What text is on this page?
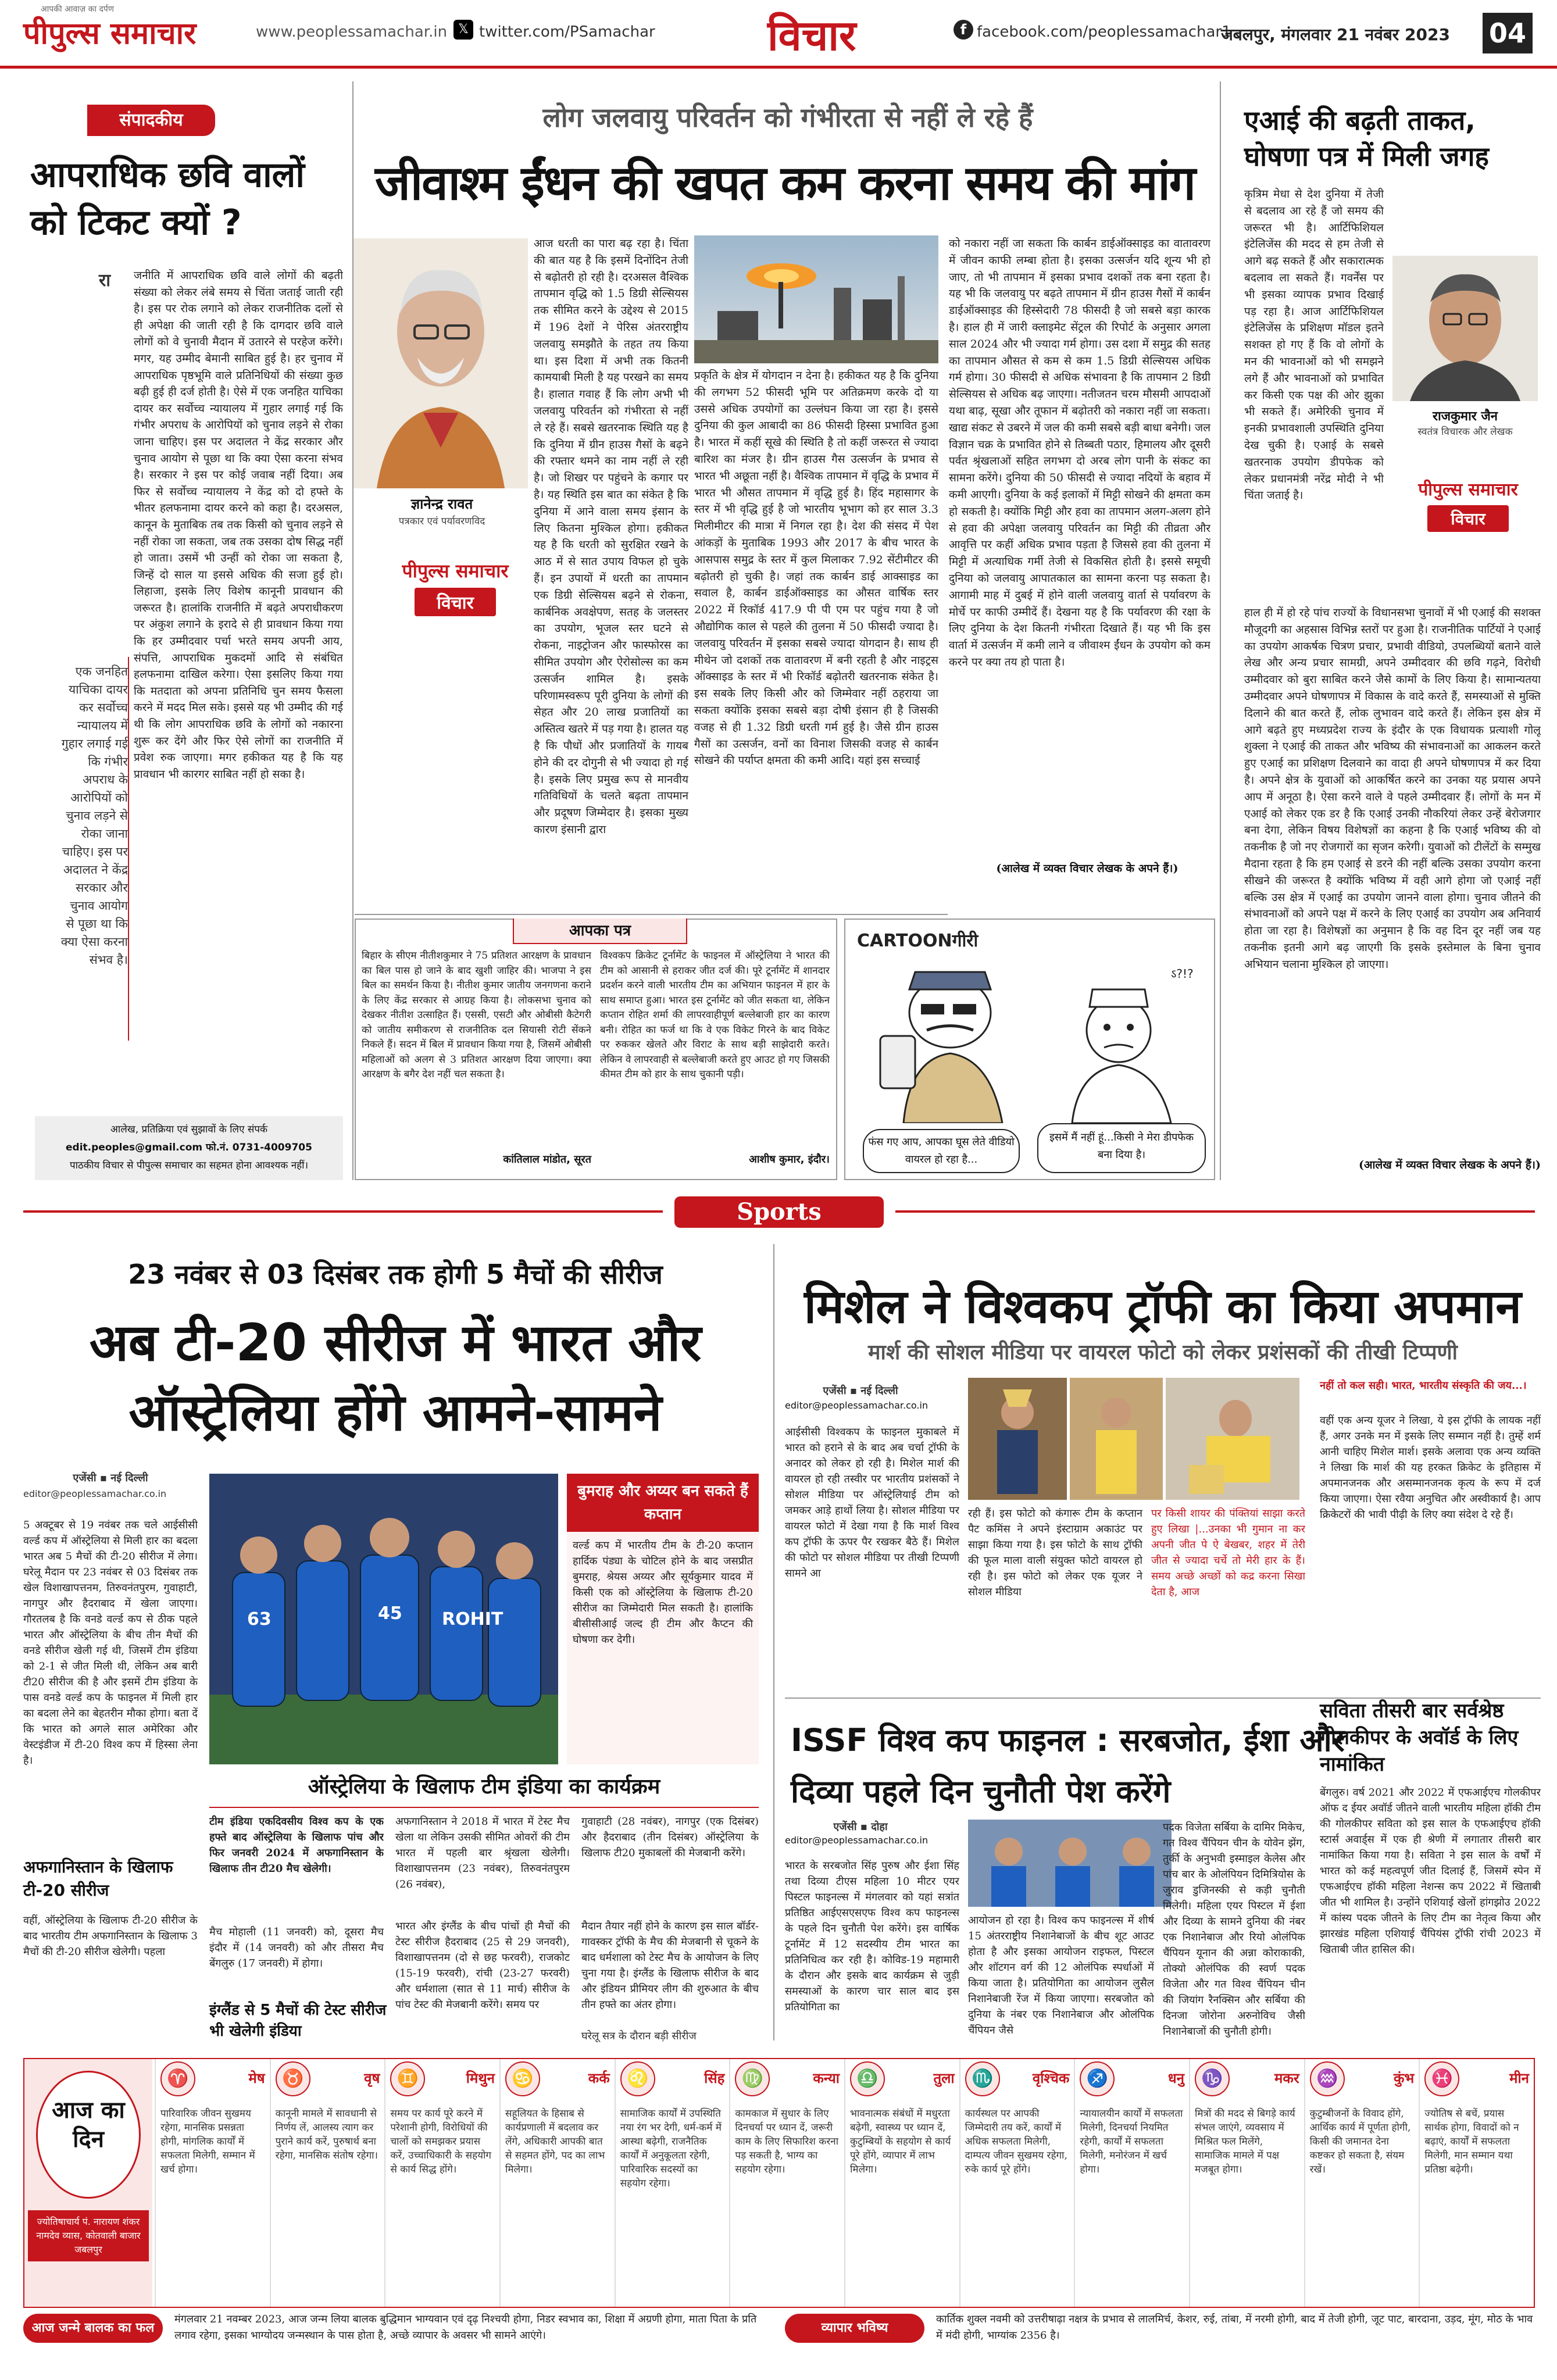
पीपुल्स समाचार
आपकी आवाज़ का दर्पण
www.peoplessamachar.in 𝕏 twitter.com/PSamachar	विचार	f facebook.com/peoplessamachar1
जबलपुर, मंगलवार 21 नवंबर 2023 04
संपादकीय
आपराधिक छवि वालों को टिकट क्यों ?
रा जनीति में आपराधिक छवि वाले लोगों की बढ़ती संख्या को लेकर लंबे समय से चिंता जताई जाती रही है। इस पर रोक लगाने को लेकर राजनीतिक दलों से ही अपेक्षा की जाती रही है कि दागदार छवि वाले लोगों को वे चुनावी मैदान में उतारने से परहेज करेंगे। मगर, यह उम्मीद बेमानी साबित हुई है। हर चुनाव में आपराधिक पृष्ठभूमि वाले प्रतिनिधियों की संख्या कुछ बढ़ी हुई ही दर्ज होती है। ऐसे में एक जनहित याचिका दायर कर सर्वोच्च न्यायालय में गुहार लगाई गई कि गंभीर अपराध के आरोपियों को चुनाव लड़ने से रोका जाना चाहिए। इस पर अदालत ने केंद्र सरकार और चुनाव आयोग से पूछा था कि क्या ऐसा करना संभव है। सरकार ने इस पर कोई जवाब नहीं दिया। अब फिर से सर्वोच्च न्यायालय ने केंद्र को दो हफ्ते के भीतर हलफनामा दायर करने को कहा है। दरअसल, कानून के मुताबिक तब तक किसी को चुनाव लड़ने से नहीं रोका जा सकता, जब तक उसका दोष सिद्ध नहीं हो जाता। उसमें भी उन्हीं को रोका जा सकता है, जिन्हें दो साल या इससे अधिक की सजा हुई हो। लिहाजा, इसके लिए विशेष कानूनी प्रावधान की जरूरत है। हालांकि राजनीति में बढ़ते अपराधीकरण पर अंकुश लगाने के इरादे से ही प्रावधान किया गया कि हर उम्मीदवार पर्चा भरते समय अपनी आय, संपत्ति, आपराधिक मुकदमों आदि से संबंधित हलफनामा दाखिल करेगा। ऐसा इसलिए किया गया कि मतदाता को अपना प्रतिनिधि चुन समय फैसला करने में मदद मिल सके। इससे यह भी उम्मीद की गई थी कि लोग आपराधिक छवि के लोगों को नकारना शुरू कर देंगे और फिर ऐसे लोगों का राजनीति में प्रवेश रुक जाएगा। मगर हकीकत यह है कि यह प्रावधान भी कारगर साबित नहीं हो सका है।
एक जनहित याचिका दायर कर सर्वोच्च न्यायालय में गुहार लगाई गई कि गंभीर अपराध के आरोपियों को चुनाव लड़ने से रोका जाना चाहिए। इस पर अदालत ने केंद्र सरकार और चुनाव आयोग से पूछा था कि क्या ऐसा करना संभव है।
आलेख, प्रतिक्रिया एवं सुझावों के लिए संपर्क
edit.peoples@gmail.com फो.नं. 0731-4009705
पाठकीय विचार से पीपुल्स समाचार का सहमत होना आवश्यक नहीं।
लोग जलवायु परिवर्तन को गंभीरता से नहीं ले रहे हैं
जीवाश्म ईंधन की खपत कम करना समय की मांग
ज्ञानेन्द्र रावत
पत्रकार एवं पर्यावरणविद
आज धरती का पारा बढ़ रहा है। चिंता की बात यह है कि इसमें दिनोंदिन तेजी से बढ़ोतरी हो रही है। दरअसल वैश्विक तापमान वृद्धि को 1.5 डिग्री सेल्सियस तक सीमित करने के उद्देश्य से 2015 में 196 देशों ने पेरिस अंतरराष्ट्रीय जलवायु समझौते के तहत तय किया था। इस दिशा में अभी तक कितनी कामयाबी मिली है यह परखने का समय है। हालात गवाह हैं कि लोग अभी भी जलवायु परिवर्तन को गंभीरता से नहीं ले रहे हैं। सबसे खतरनाक स्थिति यह है कि दुनिया में ग्रीन हाउस गैसों के बढ़ने की रफ्तार थमने का नाम नहीं ले रही है। जो शिखर पर पहुंचने के कगार पर है। यह स्थिति इस बात का संकेत है कि दुनिया में आने वाला समय इंसान के लिए कितना मुश्किल होगा। हकीकत यह है कि धरती को सुरक्षित रखने के आठ में से सात उपाय विफल हो चुके हैं। इन उपायों में धरती का तापमान एक डिग्री सेल्सियस बढ़ने से रोकना, कार्बनिक अवक्षेपण, सतह के जलस्तर का उपयोग, भूजल स्तर घटने से रोकना, नाइट्रोजन और फास्फोरस का सीमित उपयोग और ऐरोसोल्स का कम उत्सर्जन शामिल है। इसके परिणामस्वरूप पूरी दुनिया के लोगों की सेहत और 20 लाख प्रजातियों का अस्तित्व खतरे में पड़ गया है। हालत यह है कि पौधों और प्रजातियों के गायब होने की दर दोगुनी से भी ज्यादा हो गई है। इसके लिए प्रमुख रूप से मानवीय गतिविधियों के चलते बढ़ता तापमान और प्रदूषण जिम्मेदार है। इसका मुख्य कारण इंसानी द्वारा
पीपुल्स समाचार
विचार
प्रकृति के क्षेत्र में योगदान न देना है। हकीकत यह है कि दुनिया की लगभग 52 फीसदी भूमि पर अतिक्रमण करके दो या उससे अधिक उपयोगों का उल्लंघन किया जा रहा है। इससे दुनिया की कुल आबादी का 86 फीसदी हिस्सा प्रभावित हुआ है। भारत में कहीं सूखे की स्थिति है तो कहीं जरूरत से ज्यादा बारिश का मंजर है। ग्रीन हाउस गैस उत्सर्जन के प्रभाव से भारत भी अछूता नहीं है। वैश्विक तापमान में वृद्धि के प्रभाव में भारत भी औसत तापमान में वृद्धि हुई है। हिंद महासागर के स्तर में भी वृद्धि हुई है जो भारतीय भूभाग को हर साल 3.3 मिलीमीटर की मात्रा में निगल रहा है। देश की संसद में पेश आंकड़ों के मुताबिक 1993 और 2017 के बीच भारत के आसपास समुद्र के स्तर में कुल मिलाकर 7.92 सेंटीमीटर की बढ़ोतरी हो चुकी है। जहां तक कार्बन डाई आक्साइड का सवाल है, कार्बन डाईऑक्साइड का औसत वार्षिक स्तर 2022 में रिकॉर्ड 417.9 पी पी एम पर पहुंच गया है जो औद्योगिक काल से पहले की तुलना में 50 फीसदी ज्यादा है। जलवायु परिवर्तन में इसका सबसे ज्यादा योगदान है। साथ ही मीथेन जो दशकों तक वातावरण में बनी रहती है और नाइट्रस ऑक्साइड के स्तर में भी रिकॉर्ड बढ़ोतरी खतरनाक संकेत है। इस सबके लिए किसी और को जिम्मेवार नहीं ठहराया जा सकता क्योंकि इसका सबसे बड़ा दोषी इंसान ही है जिसकी वजह से ही 1.32 डिग्री धरती गर्म हुई है। जैसे ग्रीन हाउस गैसों का उत्सर्जन, वनों का विनाश जिसकी वजह से कार्बन सोखने की पर्याप्त क्षमता की कमी आदि। यहां इस सच्चाई
को नकारा नहीं जा सकता कि कार्बन डाईऑक्साइड का वातावरण में जीवन काफी लम्बा होता है। इसका उत्सर्जन यदि शून्य भी हो जाए, तो भी तापमान में इसका प्रभाव दशकों तक बना रहता है। यह भी कि जलवायु पर बढ़ते तापमान में ग्रीन हाउस गैसों में कार्बन डाईऑक्साइड की हिस्सेदारी 78 फीसदी है जो सबसे बड़ा कारक है। हाल ही में जारी क्लाइमेट सेंट्रल की रिपोर्ट के अनुसार अगला साल 2024 और भी ज्यादा गर्म होगा। उस दशा में समुद्र की सतह का तापमान औसत से कम से कम 1.5 डिग्री सेल्सियस अधिक गर्म होगा। 30 फीसदी से अधिक संभावना है कि तापमान 2 डिग्री सेल्सियस से अधिक बढ़ जाएगा। नतीजतन चरम मौसमी आपदाओं यथा बाढ़, सूखा और तूफान में बढ़ोतरी को नकारा नहीं जा सकता। खाद्य संकट से उबरने में जल की कमी सबसे बड़ी बाधा बनेगी। जल विज्ञान चक्र के प्रभावित होने से तिब्बती पठार, हिमालय और दूसरी पर्वत श्रृंखलाओं सहित लगभग दो अरब लोग पानी के संकट का सामना करेंगे। दुनिया की 50 फीसदी से ज्यादा नदियों के बहाव में कमी आएगी। दुनिया के कई इलाकों में मिट्टी सोखने की क्षमता कम हो सकती है। क्योंकि मिट्टी और हवा का तापमान अलग-अलग होने से हवा की अपेक्षा जलवायु परिवर्तन का मिट्टी की तीव्रता और आवृत्ति पर कहीं अधिक प्रभाव पड़ता है जिससे हवा की तुलना में मिट्टी में अत्याधिक गर्मी तेजी से विकसित होती है। इससे समूची दुनिया को जलवायु आपातकाल का सामना करना पड़ सकता है। आगामी माह में दुबई में होने वाली जलवायु वार्ता से पर्यावरण के मोर्चे पर काफी उम्मीदें हैं। देखना यह है कि पर्यावरण की रक्षा के लिए दुनिया के देश कितनी गंभीरता दिखाते हैं। यह भी कि इस वार्ता में उत्सर्जन में कमी लाने व जीवाश्म ईंधन के उपयोग को कम करने पर क्या तय हो पाता है।
(आलेख में व्यक्त विचार लेखक के अपने हैं।)
एआई की बढ़ती ताकत, घोषणा पत्र में मिली जगह
कृत्रिम मेधा से देश दुनिया में तेजी से बदलाव आ रहे हैं जो समय की जरूरत भी है। आर्टिफिशियल इंटेलिजेंस की मदद से हम तेजी से आगे बढ़ सकते हैं और सकारात्मक बदलाव ला सकते हैं। गवर्नेंस पर भी इसका व्यापक प्रभाव दिखाई पड़ रहा है। आज आर्टिफिशियल इंटेलिजेंस के प्रशिक्षण मॉडल इतने सशक्त हो गए हैं कि वो लोगों के मन की भावनाओं को भी समझने लगे हैं और भावनाओं को प्रभावित कर किसी एक पक्ष की ओर झुका भी सकते हैं। अमेरिकी चुनाव में इनकी प्रभावशाली उपस्थिति दुनिया देख चुकी है। एआई के सबसे खतरनाक उपयोग डीपफेक को लेकर प्रधानमंत्री नरेंद्र मोदी ने भी चिंता जताई है।
राजकुमार जैन
स्वतंत्र विचारक और लेखक
पीपुल्स समाचार
विचार
हाल ही में हो रहे पांच राज्यों के विधानसभा चुनावों में भी एआई की सशक्त मौजूदगी का अहसास विभिन्न स्तरों पर हुआ है। राजनीतिक पार्टियों ने एआई का उपयोग आकर्षक चित्रण प्रचार, प्रभावी वीडियो, उपलब्धियों बताने वाले लेख और अन्य प्रचार सामग्री, अपने उम्मीदवार की छवि गढ़ने, विरोधी उम्मीदवार को बुरा साबित करने जैसे कामों के लिए किया है। सामान्यतया उम्मीदवार अपने घोषणापत्र में विकास के वादे करते हैं, समस्याओं से मुक्ति दिलाने की बात करते हैं, लोक लुभावन वादे करते हैं। लेकिन इस क्षेत्र में आगे बढ़ते हुए मध्यप्रदेश राज्य के इंदौर के एक विधायक प्रत्याशी गोलू शुक्ला ने एआई की ताकत और भविष्य की संभावनाओं का आकलन करते हुए एआई का प्रशिक्षण दिलवाने का वादा ही अपने घोषणापत्र में कर दिया है। अपने क्षेत्र के युवाओं को आकर्षित करने का उनका यह प्रयास अपने आप में अनूठा है। ऐसा करने वाले वे पहले उम्मीदवार हैं। लोगों के मन में एआई को लेकर एक डर है कि एआई उनकी नौकरियां लेकर उन्हें बेरोजगार बना देगा, लेकिन विषय विशेषज्ञों का कहना है कि एआई भविष्य की वो तकनीक है जो नए रोजगारों का सृजन करेगी। युवाओं को टीलेंटों के सम्मुख मैदाना रहता है कि हम एआई से डरने की नहीं बल्कि उसका उपयोग करना सीखने की जरूरत है क्योंकि भविष्य में वही आगे होगा जो एआई नहीं बल्कि उस क्षेत्र में एआई का उपयोग जानने वाला होगा। चुनाव जीतने की संभावनाओं को अपने पक्ष में करने के लिए एआई का उपयोग अब अनिवार्य होता जा रहा है। विशेषज्ञों का अनुमान है कि वह दिन दूर नहीं जब यह तकनीक इतनी आगे बढ़ जाएगी कि इसके इस्तेमाल के बिना चुनाव अभियान चलाना मुश्किल हो जाएगा।
(आलेख में व्यक्त विचार लेखक के अपने हैं।)
आपका पत्र
बिहार के सीएम नीतीशकुमार ने 75 प्रतिशत आरक्षण के प्रावधान का बिल पास हो जाने के बाद खुशी जाहिर की। भाजपा ने इस बिल का समर्थन किया है। नीतीश कुमार जातीय जनगणना कराने के लिए केंद्र सरकार से आग्रह किया है। लोकसभा चुनाव को देखकर नीतीश उत्साहित हैं। एससी, एसटी और ओबीसी कैटेगरी को जातीय समीकरण से राजनीतिक दल सियासी रोटी सेंकने निकले हैं। सदन में बिल में प्रावधान किया गया है, जिसमें ओबीसी महिलाओं को अलग से 3 प्रतिशत आरक्षण दिया जाएगा। क्या आरक्षण के बगैर देश नहीं चल सकता है।
कांतिलाल मांडोत, सूरत
विश्वकप क्रिकेट टूर्नामेंट के फाइनल में ऑस्ट्रेलिया ने भारत की टीम को आसानी से हराकर जीत दर्ज की। पूरे टूर्नामेंट में शानदार प्रदर्शन करने वाली भारतीय टीम का अभियान फाइनल में हार के साथ समाप्त हुआ। भारत इस टूर्नामेंट को जीत सकता था, लेकिन कप्तान रोहित शर्मा की लापरवाहीपूर्ण बल्लेबाजी हार का कारण बनी। रोहित का फर्ज था कि वे एक विकेट गिरने के बाद विकेट पर रुककर खेलते और विराट के साथ बड़ी साझेदारी करते। लेकिन वे लापरवाही से बल्लेबाजी करते हुए आउट हो गए जिसकी कीमत टीम को हार के साथ चुकानी पड़ी।
आशीष कुमार, इंदौर।
CARTOONगीरी
ऽ?!?
फंस गए आप, आपका घूस लेते वीडियो वायरल हो रहा है...
इसमें मैं नहीं हूं...किसी ने मेरा डीपफेक बना दिया है।
Sports
23 नवंबर से 03 दिसंबर तक होगी 5 मैचों की सीरीज
अब टी-20 सीरीज में भारत और ऑस्ट्रेलिया होंगे आमने-सामने
एजेंसी ▪ नई दिल्ली
editor@peoplessamachar.co.in
5 अक्टूबर से 19 नवंबर तक चले आईसीसी वर्ल्ड कप में ऑस्ट्रेलिया से मिली हार का बदला भारत अब 5 मैचों की टी-20 सीरीज में लेगा। घरेलू मैदान पर 23 नवंबर से 03 दिसंबर तक खेल विशाखापत्तनम, तिरुवनंतपुरम, गुवाहाटी, नागपुर और हैदराबाद में खेला जाएगा। गौरतलब है कि वनडे वर्ल्ड कप से ठीक पहले भारत और ऑस्ट्रेलिया के बीच तीन मैचों की वनडे सीरीज खेली गई थी, जिसमें टीम इंडिया को 2-1 से जीत मिली थी, लेकिन अब बारी टी20 सीरीज की है और इसमें टीम इंडिया के पास वनडे वर्ल्ड कप के फाइनल में मिली हार का बदला लेने का बेहतरीन मौका होगा। बता दें कि भारत को अगले साल अमेरिका और वेस्टइंडीज में टी-20 विश्व कप में हिस्सा लेना है।
अफगानिस्तान के खिलाफ टी-20 सीरीज
वहीं, ऑस्ट्रेलिया के खिलाफ टी-20 सीरीज के बाद भारतीय टीम अफगानिस्तान के खिलाफ 3 मैचों की टी-20 सीरीज खेलेगी। पहला
63	45 ROHIT
बुमराह और अय्यर बन सकते हैं कप्तान
वर्ल्ड कप में भारतीय टीम के टी-20 कप्तान हार्दिक पंड्या के चोटिल होने के बाद जसप्रीत बुमराह, श्रेयस अय्यर और सूर्यकुमार यादव में किसी एक को ऑस्ट्रेलिया के खिलाफ टी-20 सीरीज का जिम्मेदारी मिल सकती है। हालांकि बीसीसीआई जल्द ही टीम और कैप्टन की घोषणा कर देगी।
ऑस्ट्रेलिया के खिलाफ टीम इंडिया का कार्यक्रम
टीम इंडिया एकदिवसीय विश्व कप के एक हफ्ते बाद ऑस्ट्रेलिया के खिलाफ पांच और फिर जनवरी 2024 में अफगानिस्तान के खिलाफ तीन टी20 मैच खेलेगी।
मैच मोहाली (11 जनवरी) को, दूसरा मैच इंदौर में (14 जनवरी) को और तीसरा मैच बेंगलुरु (17 जनवरी) में होगा।
अफगानिस्तान ने 2018 में भारत में टेस्ट मैच खेला था लेकिन उसकी सीमित ओवरों की टीम भारत में पहली बार श्रृंखला खेलेगी। विशाखापत्तनम (23 नवंबर), तिरुवनंतपुरम (26 नवंबर),
भारत और इंग्लैंड के बीच पांचों ही मैचों की टेस्ट सीरीज हैदराबाद (25 से 29 जनवरी), विशाखापत्तनम (दो से छह फरवरी), राजकोट (15-19 फरवरी), रांची (23-27 फरवरी) और धर्मशाला (सात से 11 मार्च) सीरीज के पांच टेस्ट की मेजबानी करेंगे। समय पर
गुवाहाटी (28 नवंबर), नागपुर (एक दिसंबर) और हैदराबाद (तीन दिसंबर) ऑस्ट्रेलिया के खिलाफ टी20 मुकाबलों की मेजबानी करेंगे।
इंग्लैंड से 5 मैचों की टेस्ट सीरीज भी खेलेगी इंडिया	घरेलू सत्र के दौरान बड़ी सीरीज
मैदान तैयार नहीं होने के कारण इस साल बॉर्डर-गावस्कर ट्रॉफी के मैच की मेजबानी से चूकने के बाद धर्मशाला को टेस्ट मैच के आयोजन के लिए चुना गया है। इंग्लैंड के खिलाफ सीरीज के बाद और इंडियन प्रीमियर लीग की शुरुआत के बीच तीन हफ्ते का अंतर होगा।
मिशेल ने विश्वकप ट्रॉफी का किया अपमान
मार्श की सोशल मीडिया पर वायरल फोटो को लेकर प्रशंसकों की तीखी टिप्पणी
एजेंसी ▪ नई दिल्ली
editor@peoplessamachar.co.in
आईसीसी विश्वकप के फाइनल मुकाबले में भारत को हराने से के बाद अब चर्चा ट्रॉफी के अनादर को लेकर हो रही है। मिशेल मार्श की वायरल हो रही तस्वीर पर भारतीय प्रशंसकों ने सोशल मीडिया पर ऑस्ट्रेलियाई टीम को जमकर आड़े हाथों लिया है। सोशल मीडिया पर वायरल फोटो में देखा गया है कि मार्श विश्व कप ट्रॉफी के ऊपर पैर रखकर बैठे हैं। मिशेल की फोटो पर सोशल मीडिया पर तीखी टिप्पणी सामने आ
रही हैं। इस फोटो को कंगारू टीम के कप्तान पैट कमिंस ने अपने इंस्टाग्राम अकाउंट पर साझा किया गया है। इस फोटो के साथ ट्रॉफी की फूल माला वाली संयुक्त फोटो वायरल हो रही है। इस फोटो को लेकर एक यूजर ने सोशल मीडिया
पर किसी शायर की पंक्तियां साझा करते हुए लिखा |...उनका भी गुमान ना कर अपनी जीत पे ऐ बेखबर, शहर में तेरी जीत से ज्यादा चर्चे तो मेरी हार के हैं। समय अच्छे अच्छों को कद्र करना सिखा देता है, आज
नहीं तो कल सही। भारत, भारतीय संस्कृति की जय...।
वहीं एक अन्य यूजर ने लिखा, ये इस ट्रॉफी के लायक नहीं हैं, अगर उनके मन में इसके लिए सम्मान नहीं है। तुम्हें शर्म आनी चाहिए मिशेल मार्श। इसके अलावा एक अन्य व्यक्ति ने लिखा कि मार्श की यह हरकत क्रिकेट के इतिहास में अपमानजनक और असम्मानजनक कृत्य के रूप में दर्ज किया जाएगा। ऐसा रवैया अनुचित और अस्वीकार्य है। आप क्रिकेटरों की भावी पीढ़ी के लिए क्या संदेश दे रहे हैं।
ISSF विश्व कप फाइनल : सरबजोत, ईशा और दिव्या पहले दिन चुनौती पेश करेंगे
एजेंसी ▪ दोहा
editor@peoplessamachar.co.in
भारत के सरबजोत सिंह पुरुष और ईशा सिंह तथा दिव्या टीएस महिला 10 मीटर एयर पिस्टल फाइनल्स में मंगलवार को यहां सत्रांत प्रतिष्ठित आईएसएसएफ विश्व कप फाइनल्स के पहले दिन चुनौती पेश करेंगे। इस वार्षिक टूर्नामेंट में 12 सदस्यीय टीम भारत का प्रतिनिधित्व कर रही है। कोविड-19 महामारी के दौरान और इसके बाद कार्यक्रम से जुड़ी समस्याओं के कारण चार साल बाद इस प्रतियोगिता का
आयोजन हो रहा है। विश्व कप फाइनल्स में शीर्ष 15 अंतरराष्ट्रीय निशानेबाजों के बीच शूट आउट होता है और इसका आयोजन राइफल, पिस्टल और शॉटगन वर्ग की 12 ओलंपिक स्पर्धाओं में किया जाता है। प्रतियोगिता का आयोजन लुसैल निशानेबाजी रेंज में किया जाएगा। सरबजोत को दुनिया के नंबर एक निशानेबाज और ओलंपिक चैंपियन जैसे
पदक विजेता सर्बिया के दामिर मिकेच, गत विश्व चैंपियन चीन के योवेन झेंग, तुर्की के अनुभवी इस्माइल केलेस और पांच बार के ओलंपियन दिमित्रियोस के जुराव डुजिनस्की से कड़ी चुनौती मिलेगी। महिला एयर पिस्टल में ईशा और दिव्या के सामने दुनिया की नंबर एक निशानेबाज और रियो ओलंपिक चैंपियन यूनान की अन्ना कोराकाकी, तोक्यो ओलंपिक की स्वर्ण पदक विजेता और गत विश्व चैंपियन चीन की जियांग रैनक्सिन और सर्बिया की दिनजा जोरोना अरुनोविच जैसी निशानेबाजों की चुनौती होगी।
सविता तीसरी बार सर्वश्रेष्ठ गोलकीपर के अवॉर्ड के लिए नामांकित
बेंगलुरु। वर्ष 2021 और 2022 में एफआईएच गोलकीपर ऑफ द ईयर अवॉर्ड जीतने वाली भारतीय महिला हॉकी टीम की गोलकीपर सविता को इस साल के एफआईएच हॉकी स्टार्स अवार्ड्स में एक ही श्रेणी में लगातार तीसरी बार नामांकित किया गया है। सविता ने इस साल के वर्षों में भारत को कई महत्वपूर्ण जीत दिलाई हैं, जिसमें स्पेन में एफआईएच हॉकी महिला नेशन्स कप 2022 में खिताबी जीत भी शामिल है। उन्होंने एशियाई खेलों हांगझोउ 2022 में कांस्य पदक जीतने के लिए टीम का नेतृत्व किया और झारखंड महिला एशियाई चैंपियंस ट्रॉफी रांची 2023 में खिताबी जीत हासिल की।
आज का दिन
ज्योतिषाचार्य पं. नारायण शंकर नामदेव व्यास, कोतवाली बाजार जबलपुर
♈	मेष
पारिवारिक जीवन सुखमय रहेगा, मानसिक प्रसन्नता होगी, मांगलिक कार्यों में सफलता मिलेगी, सम्मान में खर्च होगा।
♉	वृष
कानूनी मामले में सावधानी से निर्णय लें, आलस्य त्याग कर पुराने कार्य करें, पुरुषार्थ बना रहेगा, मानसिक संतोष रहेगा।
♊	मिथुन
समय पर कार्य पूरे करने में परेशानी होगी, विरोधियों की चालों को समझकर प्रयास करें, उच्चाधिकारी के सहयोग से कार्य सिद्ध होंगे।
♋	कर्क
सहूलियत के हिसाब से कार्यप्रणाली में बदलाव कर लेंगे, अधिकारी आपकी बात से सहमत होंगे, पद का लाभ मिलेगा।
♌	सिंह
सामाजिक कार्यों में उपस्थिति नया रंग भर देगी, धर्म-कर्म में आस्था बढ़ेगी, राजनैतिक कार्यों में अनुकूलता रहेगी, पारिवारिक सदस्यों का सहयोग रहेगा।
♍	कन्या
कामकाज में सुधार के लिए दिनचर्या पर ध्यान दें, जरूरी काम के लिए सिफारिश करना पड़ सकती है, भाग्य का सहयोग रहेगा।
♎	तुला
भावनात्मक संबंधों में मधुरता बढ़ेगी, स्वास्थ्य पर ध्यान दें, कुटुम्बियों के सहयोग से कार्य पूरे होंगे, व्यापार में लाभ मिलेगा।
♏	वृश्चिक
कार्यस्थल पर आपकी जिम्मेदारी तय करें, कार्यों में अधिक सफलता मिलेगी, दाम्पत्य जीवन सुखमय रहेगा, रुके कार्य पूरे होंगे।
♐	धनु
न्यायालयीन कार्यों में सफलता मिलेगी, दिनचर्या नियमित रहेगी, कार्यों में सफलता मिलेगी, मनोरंजन में खर्च होगा।
♑	मकर
मित्रों की मदद से बिगड़े कार्य संभल जाएंगे, व्यवसाय में मिश्रित फल मिलेंगे, सामाजिक मामले में पक्ष मजबूत होगा।
♒	कुंभ
कुटुम्बीजनों के विवाद होंगे, आर्थिक कार्य में पूर्णता होगी, किसी की जमानत देना कष्टकर हो सकता है, संयम रखें।
♓	मीन
ज्योतिष से बचें, प्रयास सार्थक होगा, विवादों को न बढ़ाएं, कार्यों में सफलता मिलेगी, मान सम्मान यथा प्रतिष्ठा बढ़ेगी।
आज जन्मे बालक का फल
मंगलवार 21 नवम्बर 2023, आज जन्म लिया बालक बुद्धिमान भाग्यवान एवं दृढ़ निश्चयी होगा, निडर स्वभाव का, शिक्षा में अग्रणी होगा, माता पिता के प्रति लगाव रहेगा, इसका भाग्योदय जन्मस्थान के पास होता है, अच्छे व्यापार के अवसर भी सामने आएंगे।
व्यापार भविष्य
कार्तिक शुक्ल नवमी को उत्तरीषाढ़ा नक्षत्र के प्रभाव से लालमिर्च, केशर, रुई, तांबा, में नरमी होगी, बाद में तेजी होगी, जूट पाट, बारदाना, उड़द, मूंग, मोठ के भाव में मंदी होगी, भाग्यांक 2356 है।
